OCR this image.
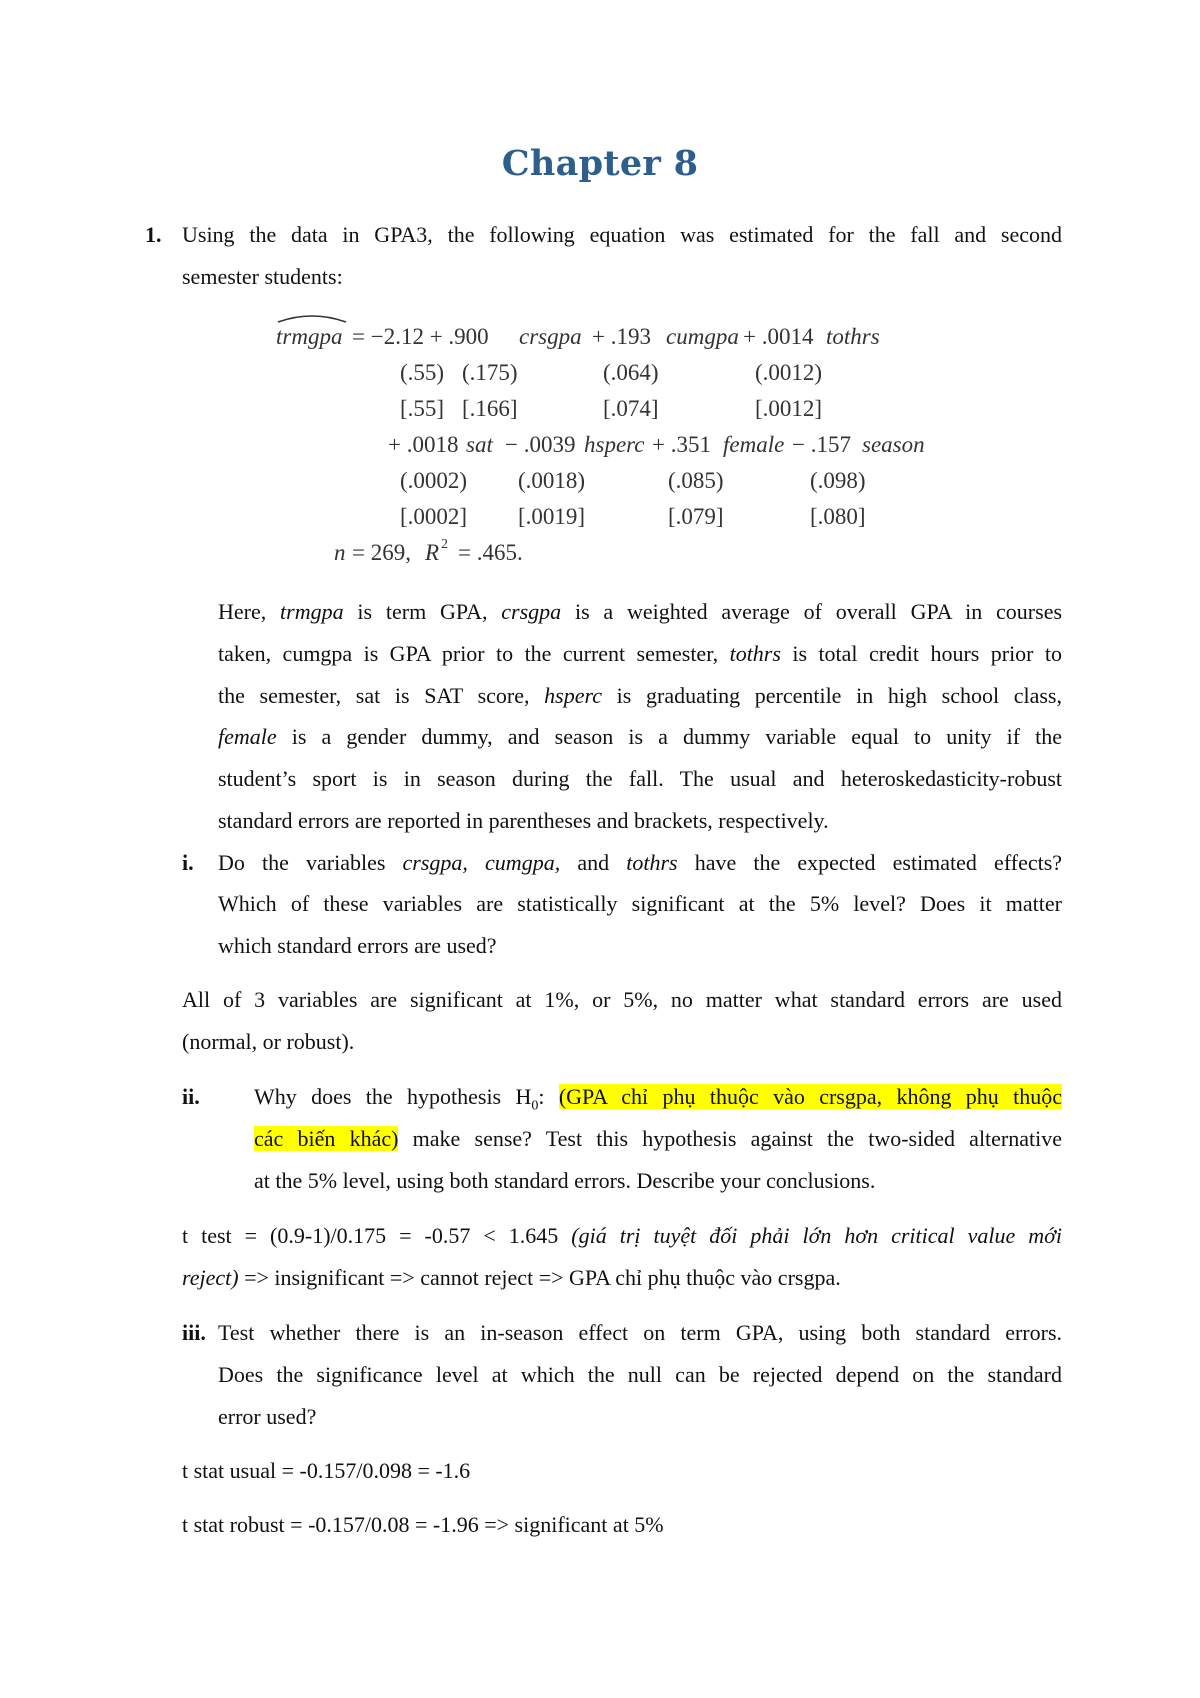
Chapter 8
1. Using the data in GPA3, the following equation was estimated for the fall and second
semester students:
trmgpa = −2.12 + .900 crsgpa + .193 cumgpa + .0014 tothrs
(.55) (.175)	(.064)	(.0012)
[.55] [.166]	[.074]	[.0012]
+ .0018 sat − .0039 hsperc + .351 female − .157 season
(.0002) (.0018)	(.085)	(.098)
[.0002] [.0019]	[.079]	[.080]
n = 269, R 2 = .465.
Here, trmgpa is term GPA, crsgpa is a weighted average of overall GPA in courses
taken, cumgpa is GPA prior to the current semester, tothrs is total credit hours prior to
the semester, sat is SAT score, hsperc is graduating percentile in high school class,
female is a gender dummy, and season is a dummy variable equal to unity if the
student’s sport is in season during the fall. The usual and heteroskedasticity-robust
standard errors are reported in parentheses and brackets, respectively.
i. Do the variables crsgpa, cumgpa, and tothrs have the expected estimated effects?
Which of these variables are statistically significant at the 5% level? Does it matter
which standard errors are used?
All of 3 variables are significant at 1%, or 5%, no matter what standard errors are used
(normal, or robust).
ii. Why does the hypothesis $H_0$: (GPA chỉ phụ thuộc vào crsgpa, không phụ thuộc
các biến khác) make sense? Test this hypothesis against the two-sided alternative
at the 5% level, using both standard errors. Describe your conclusions.
t test = (0.9-1)/0.175 = -0.57 < 1.645 (giá trị tuyệt đối phải lớn hơn critical value mới
reject) => insignificant => cannot reject => GPA chỉ phụ thuộc vào crsgpa.
iii. Test whether there is an in-season effect on term GPA, using both standard errors.
Does the significance level at which the null can be rejected depend on the standard
error used?
t stat usual = -0.157/0.098 = -1.6
t stat robust = -0.157/0.08 = -1.96 => significant at 5%
